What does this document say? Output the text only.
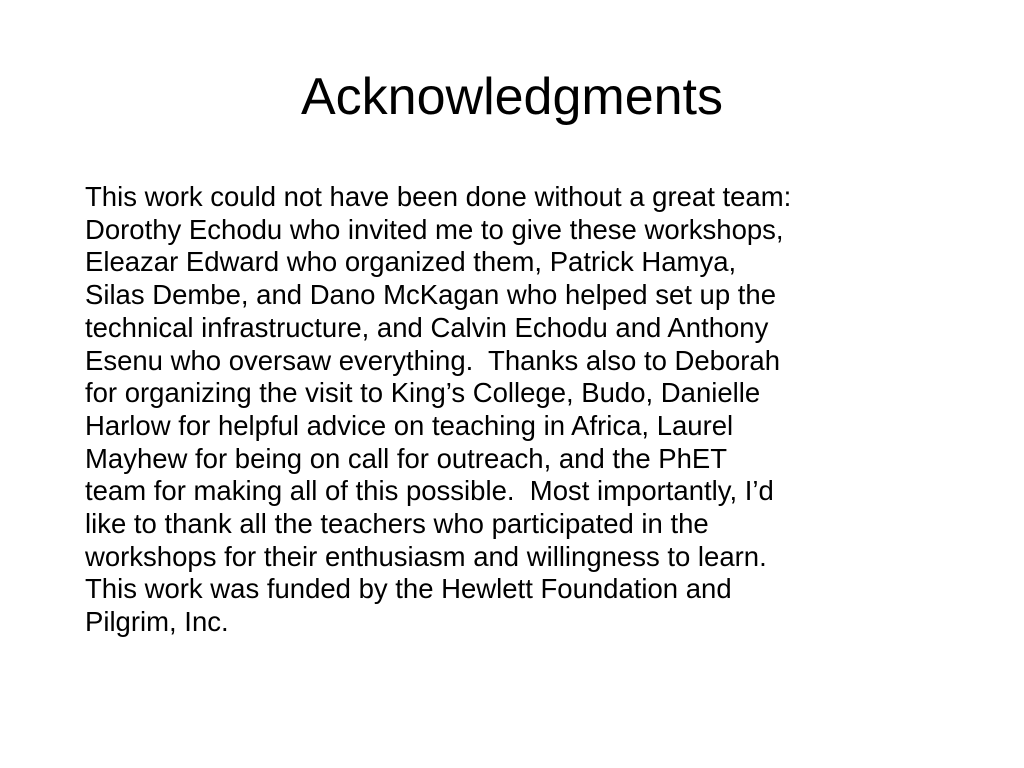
Acknowledgments

This work could not have been done without a great team:
Dorothy Echodu who invited me to give these workshops,
Eleazar Edward who organized them, Patrick Hamya,
Silas Dembe, and Dano McKagan who helped set up the
technical infrastructure, and Calvin Echodu and Anthony
Esenu who oversaw everything.  Thanks also to Deborah
for organizing the visit to King’s College, Budo, Danielle
Harlow for helpful advice on teaching in Africa, Laurel
Mayhew for being on call for outreach, and the PhET
team for making all of this possible.  Most importantly, I’d
like to thank all the teachers who participated in the
workshops for their enthusiasm and willingness to learn.
This work was funded by the Hewlett Foundation and
Pilgrim, Inc.
